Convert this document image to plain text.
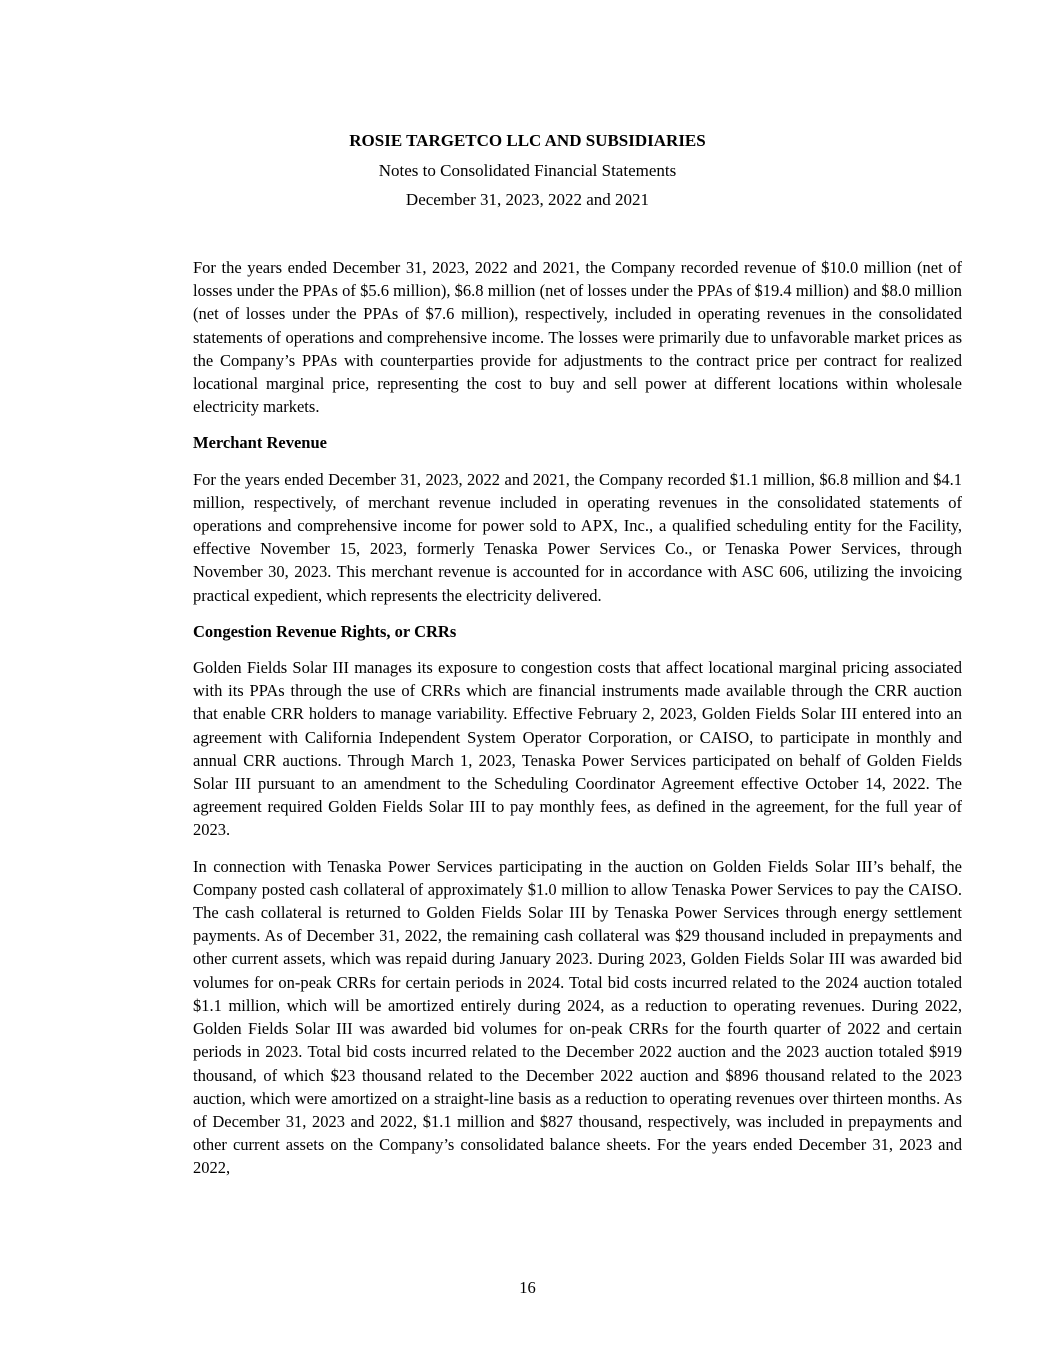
ROSIE TARGETCO LLC AND SUBSIDIARIES
Notes to Consolidated Financial Statements
December 31, 2023, 2022 and 2021

For the years ended December 31, 2023, 2022 and 2021, the Company recorded revenue of $10.0 million (net of losses under the PPAs of $5.6 million), $6.8 million (net of losses under the PPAs of $19.4 million) and $8.0 million (net of losses under the PPAs of $7.6 million), respectively, included in operating revenues in the consolidated statements of operations and comprehensive income. The losses were primarily due to unfavorable market prices as the Company’s PPAs with counterparties provide for adjustments to the contract price per contract for realized locational marginal price, representing the cost to buy and sell power at different locations within wholesale electricity markets.

Merchant Revenue

For the years ended December 31, 2023, 2022 and 2021, the Company recorded $1.1 million, $6.8 million and $4.1 million, respectively, of merchant revenue included in operating revenues in the consolidated statements of operations and comprehensive income for power sold to APX, Inc., a qualified scheduling entity for the Facility, effective November 15, 2023, formerly Tenaska Power Services Co., or Tenaska Power Services, through November 30, 2023. This merchant revenue is accounted for in accordance with ASC 606, utilizing the invoicing practical expedient, which represents the electricity delivered.

Congestion Revenue Rights, or CRRs

Golden Fields Solar III manages its exposure to congestion costs that affect locational marginal pricing associated with its PPAs through the use of CRRs which are financial instruments made available through the CRR auction that enable CRR holders to manage variability. Effective February 2, 2023, Golden Fields Solar III entered into an agreement with California Independent System Operator Corporation, or CAISO, to participate in monthly and annual CRR auctions. Through March 1, 2023, Tenaska Power Services participated on behalf of Golden Fields Solar III pursuant to an amendment to the Scheduling Coordinator Agreement effective October 14, 2022. The agreement required Golden Fields Solar III to pay monthly fees, as defined in the agreement, for the full year of 2023.

In connection with Tenaska Power Services participating in the auction on Golden Fields Solar III’s behalf, the Company posted cash collateral of approximately $1.0 million to allow Tenaska Power Services to pay the CAISO. The cash collateral is returned to Golden Fields Solar III by Tenaska Power Services through energy settlement payments. As of December 31, 2022, the remaining cash collateral was $29 thousand included in prepayments and other current assets, which was repaid during January 2023. During 2023, Golden Fields Solar III was awarded bid volumes for on-peak CRRs for certain periods in 2024. Total bid costs incurred related to the 2024 auction totaled $1.1 million, which will be amortized entirely during 2024, as a reduction to operating revenues. During 2022, Golden Fields Solar III was awarded bid volumes for on-peak CRRs for the fourth quarter of 2022 and certain periods in 2023. Total bid costs incurred related to the December 2022 auction and the 2023 auction totaled $919 thousand, of which $23 thousand related to the December 2022 auction and $896 thousand related to the 2023 auction, which were amortized on a straight-line basis as a reduction to operating revenues over thirteen months. As of December 31, 2023 and 2022, $1.1 million and $827 thousand, respectively, was included in prepayments and other current assets on the Company’s consolidated balance sheets. For the years ended December 31, 2023 and 2022,

16
